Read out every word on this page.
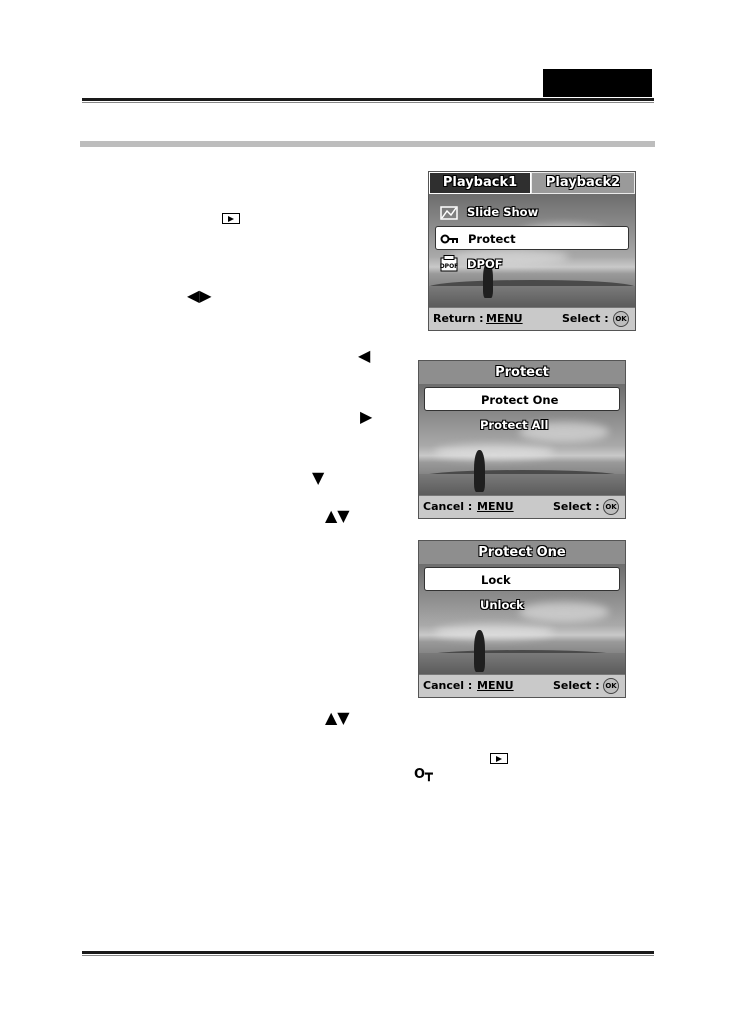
◀▶
◀
▶
▼
▲▼
▲▼
O┳
Playback1	Playback2
Slide Show
Protect
DPOF DPOF
Return : MENU	Select : OK
Protect
Protect One
Protect All
Cancel : MENU	Select : OK
Protect One
Lock
Unlock
Cancel : MENU	Select : OK
